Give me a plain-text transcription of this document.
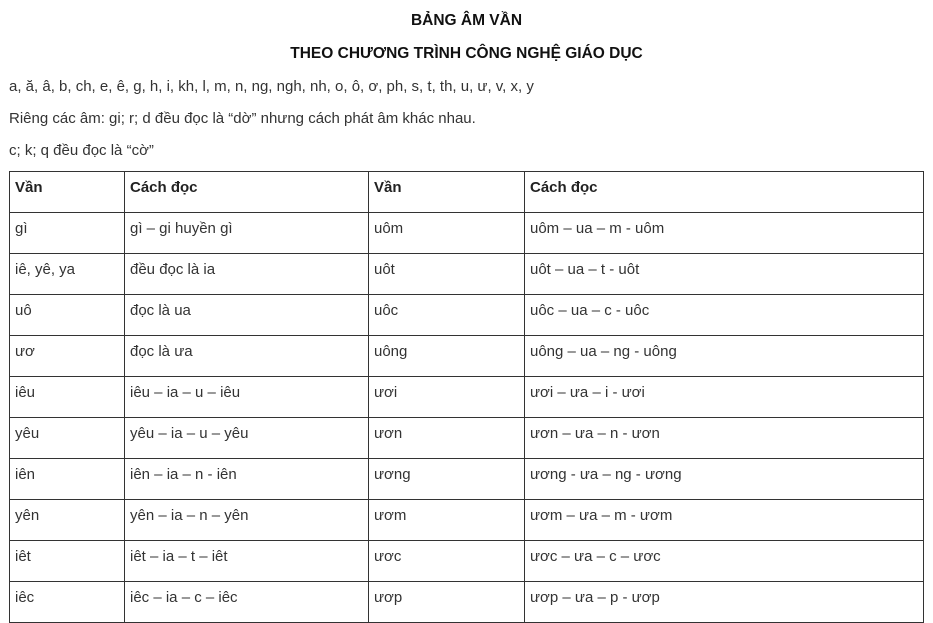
BẢNG ÂM VẦN
THEO CHƯƠNG TRÌNH CÔNG NGHỆ GIÁO DỤC
a, ă, â, b, ch, e, ê, g, h, i, kh, l, m, n, ng, ngh, nh, o, ô, ơ, ph, s, t, th, u, ư, v, x, y
Riêng các âm: gi; r; d đều đọc là “dờ” nhưng cách phát âm khác nhau.
c; k; q đều đọc là “cờ”
Vần	Cách đọc	Vần	Cách đọc
gì	gì – gi huyền gì	uôm	uôm – ua – m - uôm
iê, yê, ya	đều đọc là ia	uôt	uôt – ua – t - uôt
uô	đọc là ua	uôc	uôc – ua – c - uôc
ươ	đọc là ưa	uông	uông – ua – ng - uông
iêu	iêu – ia – u – iêu	ươi	ươi – ưa – i - ươi
yêu	yêu – ia – u – yêu	ươn	ươn – ưa – n - ươn
iên	iên – ia – n - iên	ương	ương - ưa – ng - ương
yên	yên – ia – n – yên	ươm	ươm – ưa – m - ươm
iêt	iêt – ia – t – iêt	ươc	ươc – ưa – c – ươc
iêc	iêc – ia – c – iêc	ươp	ươp – ưa – p - ươp
